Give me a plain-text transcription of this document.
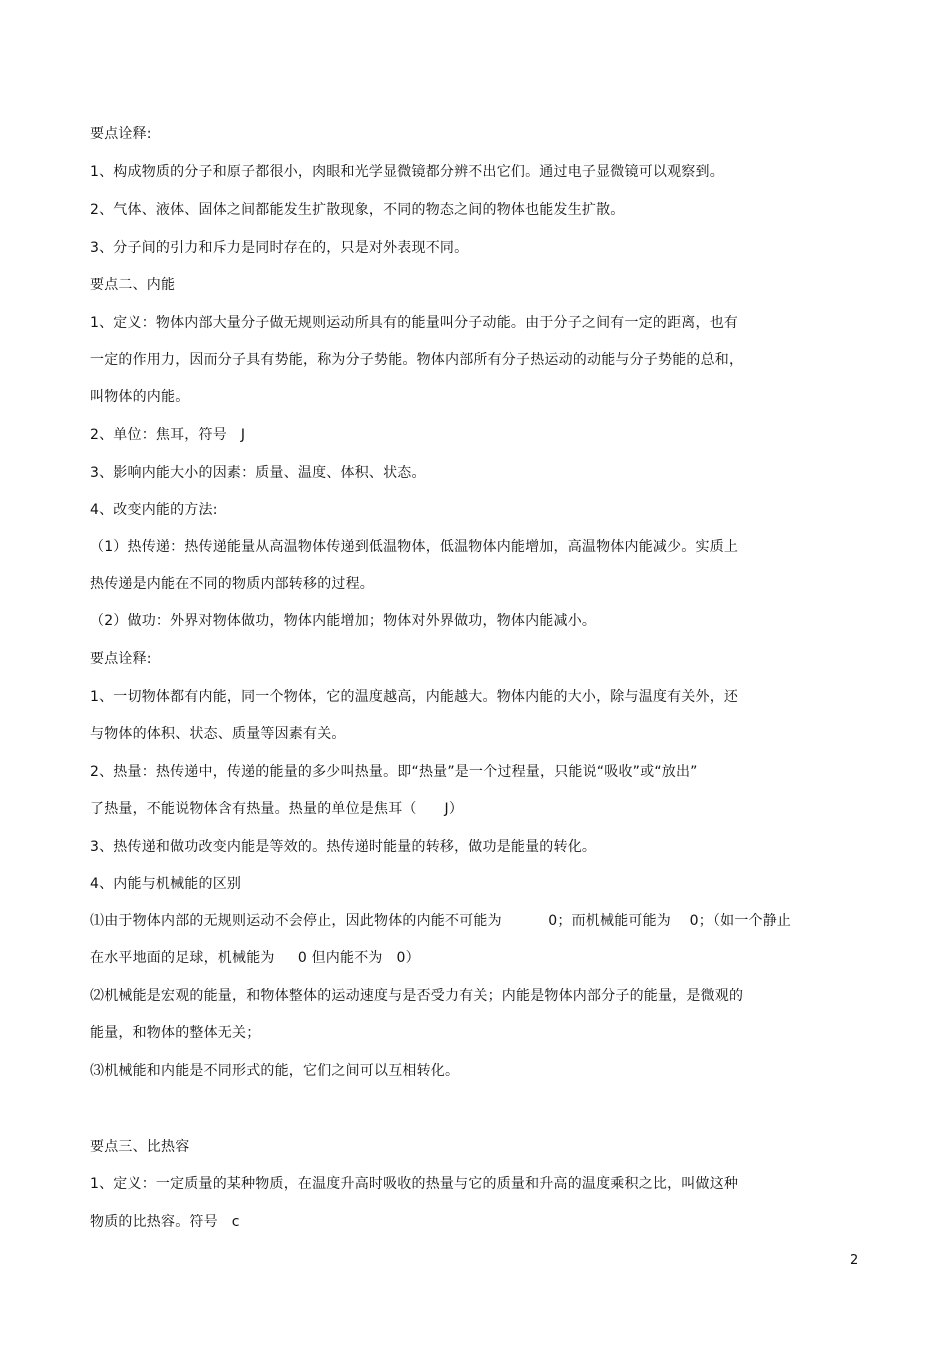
要点诠释:
1、构成物质的分子和原子都很小，肉眼和光学显微镜都分辨不出它们。通过电子显微镜可以观察到。
2、气体、液体、固体之间都能发生扩散现象，不同的物态之间的物体也能发生扩散。
3、分子间的引力和斥力是同时存在的，只是对外表现不同。
要点二、内能
1、定义：物体内部大量分子做无规则运动所具有的能量叫分子动能。由于分子之间有一定的距离，也有
一定的作用力，因而分子具有势能，称为分子势能。物体内部所有分子热运动的动能与分子势能的总和，
叫物体的内能。
2、单位：焦耳，符号   J
3、影响内能大小的因素：质量、温度、体积、状态。
4、改变内能的方法:
（1）热传递：热传递能量从高温物体传递到低温物体，低温物体内能增加，高温物体内能减少。实质上
热传递是内能在不同的物质内部转移的过程。
（2）做功：外界对物体做功，物体内能增加；物体对外界做功，物体内能减小。
要点诠释:
1、一切物体都有内能，同一个物体，它的温度越高，内能越大。物体内能的大小，除与温度有关外，还
与物体的体积、状态、质量等因素有关。
2、热量：热传递中，传递的能量的多少叫热量。即“热量”是一个过程量，只能说“吸收”或“放出”
了热量，不能说物体含有热量。热量的单位是焦耳（      J）
3、热传递和做功改变内能是等效的。热传递时能量的转移，做功是能量的转化。
4、内能与机械能的区别
⑴由于物体内部的无规则运动不会停止，因此物体的内能不可能为          0；而机械能可能为    0；（如一个静止
在水平地面的足球，机械能为     0 但内能不为   0）
⑵机械能是宏观的能量，和物体整体的运动速度与是否受力有关；内能是物体内部分子的能量，是微观的
能量，和物体的整体无关；
⑶机械能和内能是不同形式的能，它们之间可以互相转化。
要点三、比热容
1、定义：一定质量的某种物质，在温度升高时吸收的热量与它的质量和升高的温度乘积之比，叫做这种
物质的比热容。符号   c
2
